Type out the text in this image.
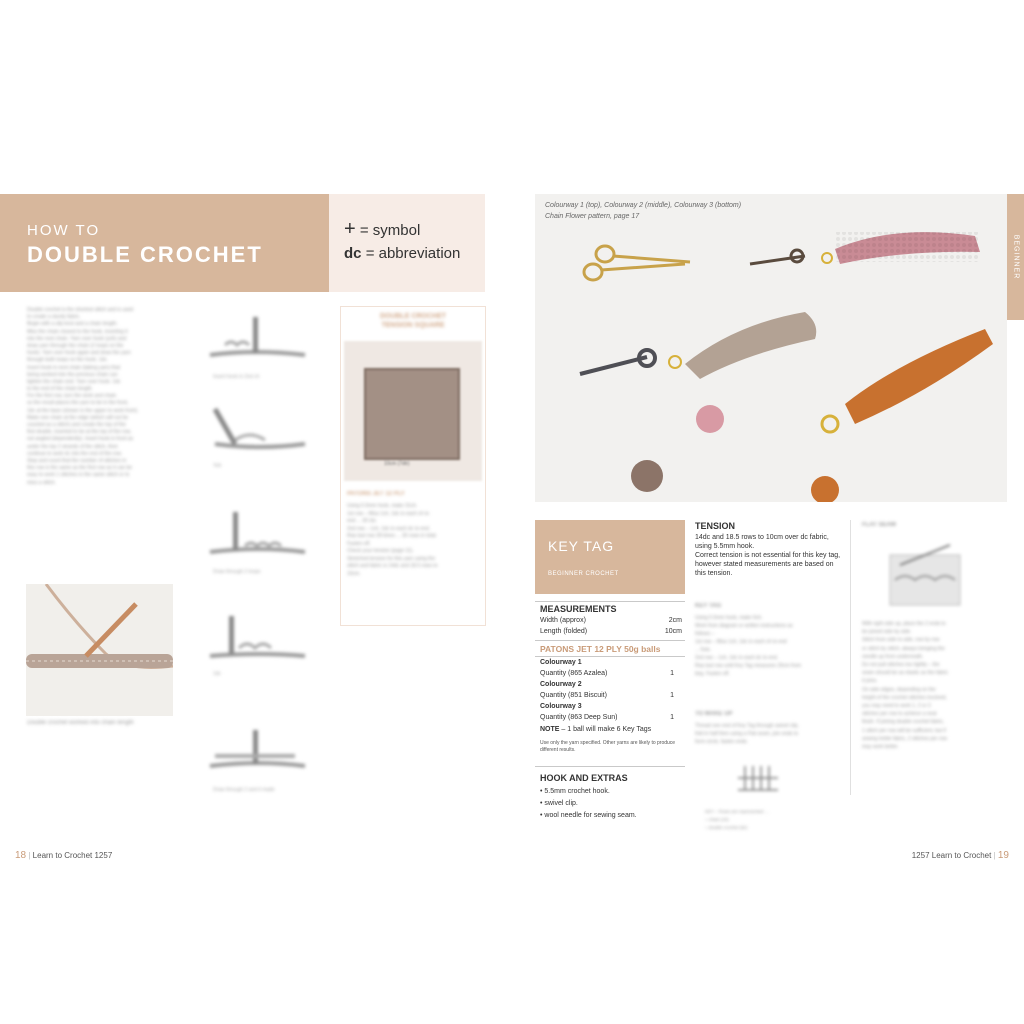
HOW TO
DOUBLE CROCHET
+ = symbol
dc = abbreviation
Double crochet is the shortest stitch and is used
to create a sturdy fabric.
Begin with a slip knot and a chain length.
Miss the chain closest to the hook, inserting it
into the next chain. Yarn over hook (yoh) and
draw yarn through the chain (2 loops on the
hook). Yarn over hook again and draw the yarn
through both loops on the hook. 1dc.
Insert hook in next chain (taking yarn) that
being worked into the previous chain can
tighten the chain end. Yarn over hook. 1dc
to the end of the chain length.
For the first row, turn the work and chain
so the result places the yarn to be in the front,
1dc at the base (shown in the upper to work from).
Make one chain at the edge (which will not be
counted as a stitch) and create the top of the
first double, inserted to be at the top of the row,
not angled (dependently). Insert hook in front as
under the top 2 strands of the stitch, then
continue to work dc into the rest of the row.
Stop and count that the number of stitches in
this row is the same as the first row as it can be
easy to work 1 stitches in the same stitch or to
miss a stitch.
Insert hook in 2nd ch
Yoh
Draw through 2 loops
1dc
Draw through 2 and it made
Double crochet worked into chain length
DOUBLE CROCHET
TENSION SQUARE
10cm (7dtr)
PATONS JET 12 PLY
Using 5.5mm hook, make 31ch.
1st row – Miss 1ch, 1dc in each ch to
end ... 30 sts.
2nd row – 1ch, 1dc in each dc to end.
Rep last row 28 times ... 30 rows in total.
Fasten off.
Check your tension (page 11).
Stretched tension for this yarn using the
stitch and fabric is 14dc and 18.5 rows to
10cm.
18 | Learn to Crochet 1257
Colourway 1 (top), Colourway 2 (middle), Colourway 3 (bottom)
Chain Flower pattern, page 17
BEGINNER
KEY TAG
BEGINNER CROCHET
MEASUREMENTS
Width (approx)	2cm
Length (folded)	10cm
PATONS JET 12 PLY 50g balls
Colourway 1
Quantity (865 Azalea)	1
Colourway 2
Quantity (851 Biscuit)	1
Colourway 3
Quantity (863 Deep Sun)	1
NOTE – 1 ball will make 6 Key Tags
Use only the yarn specified. Other yarns are likely to produce
different results.
HOOK AND EXTRAS
• 5.5mm crochet hook.
• swivel clip.
• wool needle for sewing seam.
TENSION
14dc and 18.5 rows to 10cm over dc fabric,
using 5.5mm hook.
Correct tension is not essential for this key tag,
however stated measurements are based on
this tension.
KEY TAG
Using 5.5mm hook, make 6ch.
Work from diagram or written instructions as
follows –
1st row – Miss 1ch, 1dc in each ch to end
... 5sts.
2nd row – 1ch, 1dc in each dc to end.
Rep last row until Key Tag measures 20cm from
beg. Fasten off.
TO MAKE UP
Thread one end of Key Tag through swivel clip,
fold in half then using a Flat seam, join ends to
form circle, fasten ends.
KEY – Rows are represented …
= chain (ch)
= double crochet (dc)
FLAT SEAM
With right side up, place the 2 ends to
be joined side by side.
Stitch from side to side, row by row
or stitch by stitch, always bringing the
needle up from underneath.
Do not pull stitches too tightly – the
seam should be as elastic as the fabric
it joins.
On side edges, depending on the
height of the crochet stitches involved,
you may need to work 1, 2 or 3
stitches per row to achieve a neat
finish. If joining double crochet fabric,
1 stitch per row will be sufficient, but if
sewing treble fabric, 2 stitches per row
may work better.
1257 Learn to Crochet | 19
